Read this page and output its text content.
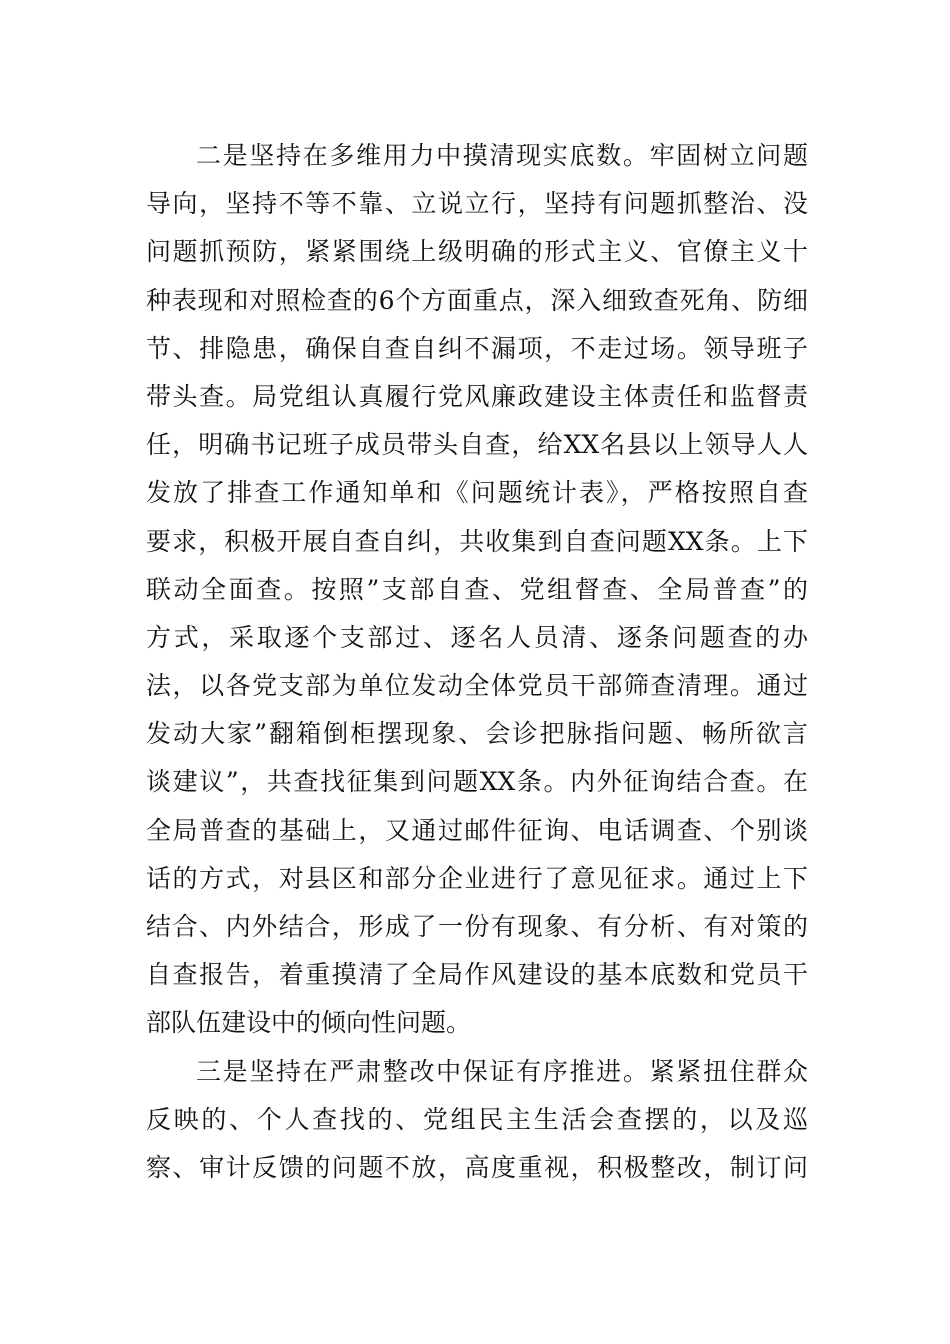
二是坚持在多维用力中摸清现实底数。牢固树立问题
导向，坚持不等不靠、立说立行，坚持有问题抓整治、没
问题抓预防，紧紧围绕上级明确的形式主义、官僚主义十
种表现和对照检查的6个方面重点，深入细致查死角、防细
节、排隐患，确保自查自纠不漏项，不走过场。领导班子
带头查。局党组认真履行党风廉政建设主体责任和监督责
任，明确书记班子成员带头自查，给XX名县以上领导人人
发放了排查工作通知单和《问题统计表》，严格按照自查
要求，积极开展自查自纠，共收集到自查问题XX条。上下
联动全面查。按照”支部自查、党组督查、全局普查”的
方式，采取逐个支部过、逐名人员清、逐条问题查的办
法，以各党支部为单位发动全体党员干部筛查清理。通过
发动大家”翻箱倒柜摆现象、会诊把脉指问题、畅所欲言
谈建议”，共查找征集到问题XX条。内外征询结合查。在
全局普查的基础上，又通过邮件征询、电话调查、个别谈
话的方式，对县区和部分企业进行了意见征求。通过上下
结合、内外结合，形成了一份有现象、有分析、有对策的
自查报告，着重摸清了全局作风建设的基本底数和党员干
部队伍建设中的倾向性问题。
三是坚持在严肃整改中保证有序推进。紧紧扭住群众
反映的、个人查找的、党组民主生活会查摆的，以及巡
察、审计反馈的问题不放，高度重视，积极整改，制订问
